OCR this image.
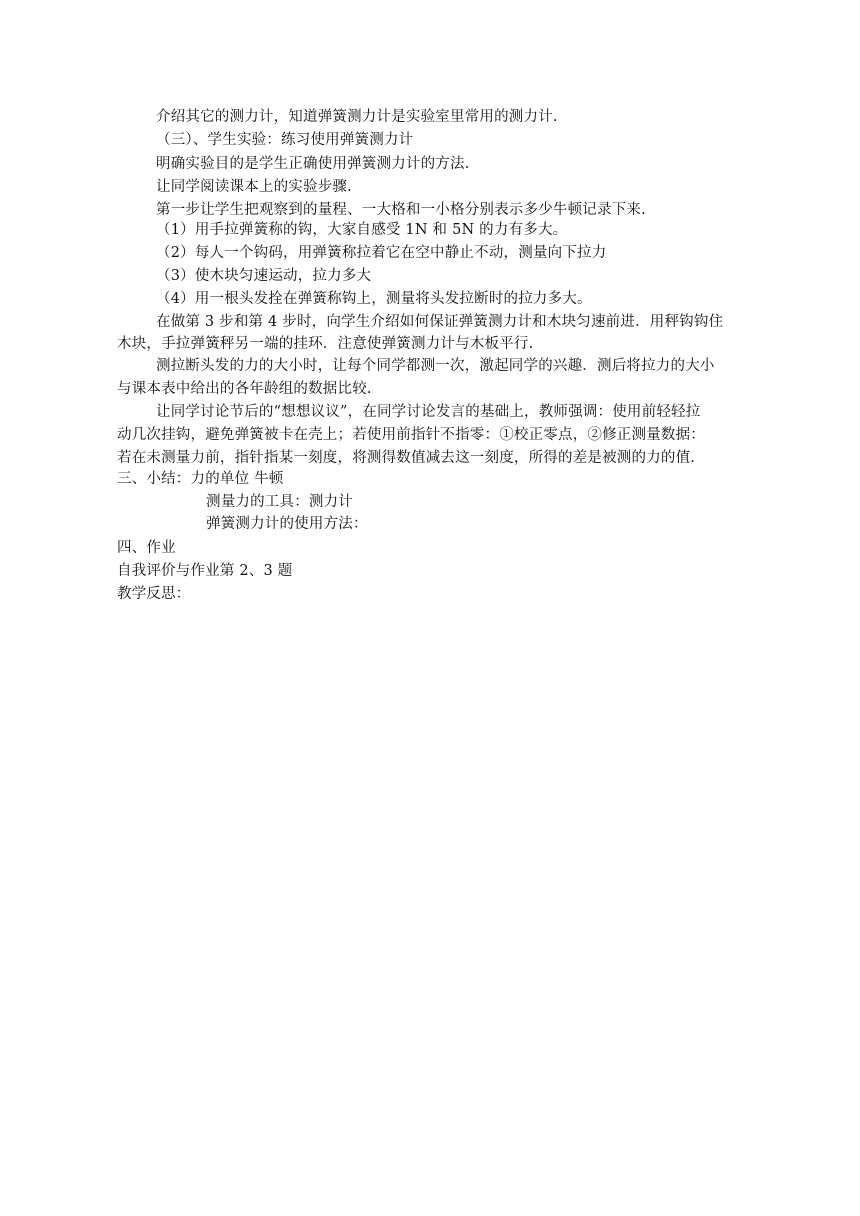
介绍其它的测力计，知道弹簧测力计是实验室里常用的测力计.
（三）、学生实验：练习使用弹簧测力计
明确实验目的是学生正确使用弹簧测力计的方法.
让同学阅读课本上的实验步骤.
第一步让学生把观察到的量程、一大格和一小格分别表示多少牛顿记录下来.
（1）用手拉弹簧称的钩，大家自感受 1N 和 5N 的力有多大。
（2）每人一个钩码，用弹簧称拉着它在空中静止不动，测量向下拉力
（3）使木块匀速运动，拉力多大
（4）用一根头发拴在弹簧称钩上，测量将头发拉断时的拉力多大。
在做第 3 步和第 4 步时，向学生介绍如何保证弹簧测力计和木块匀速前进．用秤钩钩住
木块，手拉弹簧秤另一端的挂环．注意使弹簧测力计与木板平行.
测拉断头发的力的大小时，让每个同学都测一次，激起同学的兴趣．测后将拉力的大小
与课本表中给出的各年龄组的数据比较.
让同学讨论节后的“想想议议”，在同学讨论发言的基础上，教师强调：使用前轻轻拉
动几次挂钩，避免弹簧被卡在壳上；若使用前指针不指零：①校正零点，②修正测量数据：
若在未测量力前，指针指某一刻度，将测得数值减去这一刻度，所得的差是被测的力的值.
三、小结：力的单位 牛顿
测量力的工具：测力计
弹簧测力计的使用方法：
四、作业
自我评价与作业第 2、3 题
教学反思：
